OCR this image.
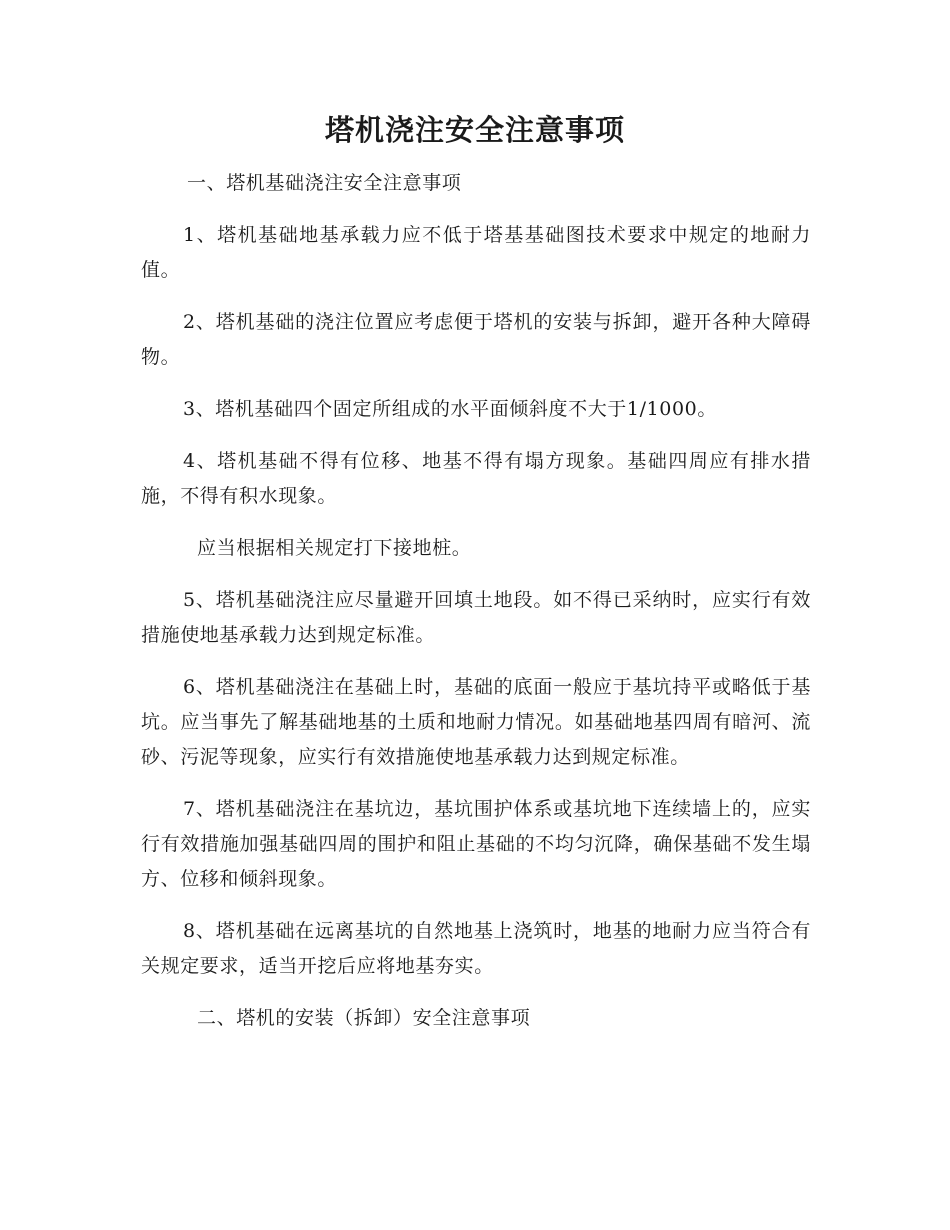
塔机浇注安全注意事项

一、塔机基础浇注安全注意事项

1、塔机基础地基承载力应不低于塔基基础图技术要求中规定的地耐力值。

2、塔机基础的浇注位置应考虑便于塔机的安装与拆卸，避开各种大障碍物。

3、塔机基础四个固定所组成的水平面倾斜度不大于1/1000。

4、塔机基础不得有位移、地基不得有塌方现象。基础四周应有排水措施，不得有积水现象。

应当根据相关规定打下接地桩。

5、塔机基础浇注应尽量避开回填土地段。如不得已采纳时，应实行有效措施使地基承载力达到规定标准。

6、塔机基础浇注在基础上时，基础的底面一般应于基坑持平或略低于基坑。应当事先了解基础地基的土质和地耐力情况。如基础地基四周有暗河、流砂、污泥等现象，应实行有效措施使地基承载力达到规定标准。

7、塔机基础浇注在基坑边，基坑围护体系或基坑地下连续墙上的，应实行有效措施加强基础四周的围护和阻止基础的不均匀沉降，确保基础不发生塌方、位移和倾斜现象。

8、塔机基础在远离基坑的自然地基上浇筑时，地基的地耐力应当符合有关规定要求，适当开挖后应将地基夯实。

二、塔机的安装（拆卸）安全注意事项
